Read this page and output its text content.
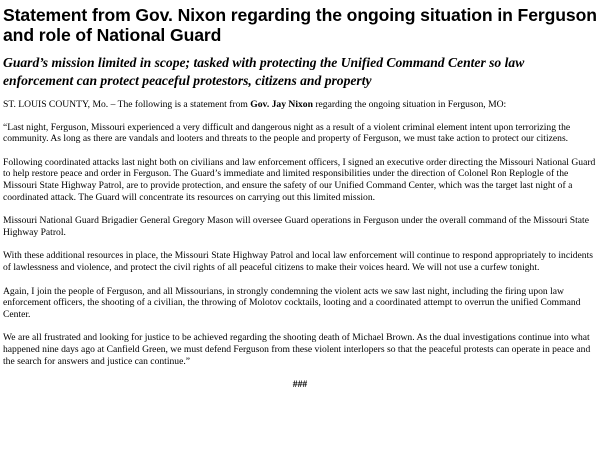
Statement from Gov. Nixon regarding the ongoing situation in Ferguson and role of National Guard
Guard’s mission limited in scope; tasked with protecting the Unified Command Center so law enforcement can protect peaceful protestors, citizens and property

ST. LOUIS COUNTY, Mo. – The following is a statement from Gov. Jay Nixon regarding the ongoing situation in Ferguson, MO:

“Last night, Ferguson, Missouri experienced a very difficult and dangerous night as a result of a violent criminal element intent upon terrorizing the community. As long as there are vandals and looters and threats to the people and property of Ferguson, we must take action to protect our citizens.

Following coordinated attacks last night both on civilians and law enforcement officers, I signed an executive order directing the Missouri National Guard to help restore peace and order in Ferguson. The Guard’s immediate and limited responsibilities under the direction of Colonel Ron Replogle of the Missouri State Highway Patrol, are to provide protection, and ensure the safety of our Unified Command Center, which was the target last night of a coordinated attack. The Guard will concentrate its resources on carrying out this limited mission.

Missouri National Guard Brigadier General Gregory Mason will oversee Guard operations in Ferguson under the overall command of the Missouri State Highway Patrol.

With these additional resources in place, the Missouri State Highway Patrol and local law enforcement will continue to respond appropriately to incidents of lawlessness and violence, and protect the civil rights of all peaceful citizens to make their voices heard. We will not use a curfew tonight.

Again, I join the people of Ferguson, and all Missourians, in strongly condemning the violent acts we saw last night, including the firing upon law enforcement officers, the shooting of a civilian, the throwing of Molotov cocktails, looting and a coordinated attempt to overrun the unified Command Center.

We are all frustrated and looking for justice to be achieved regarding the shooting death of Michael Brown. As the dual investigations continue into what happened nine days ago at Canfield Green, we must defend Ferguson from these violent interlopers so that the peaceful protests can operate in peace and the search for answers and justice can continue.”

###
